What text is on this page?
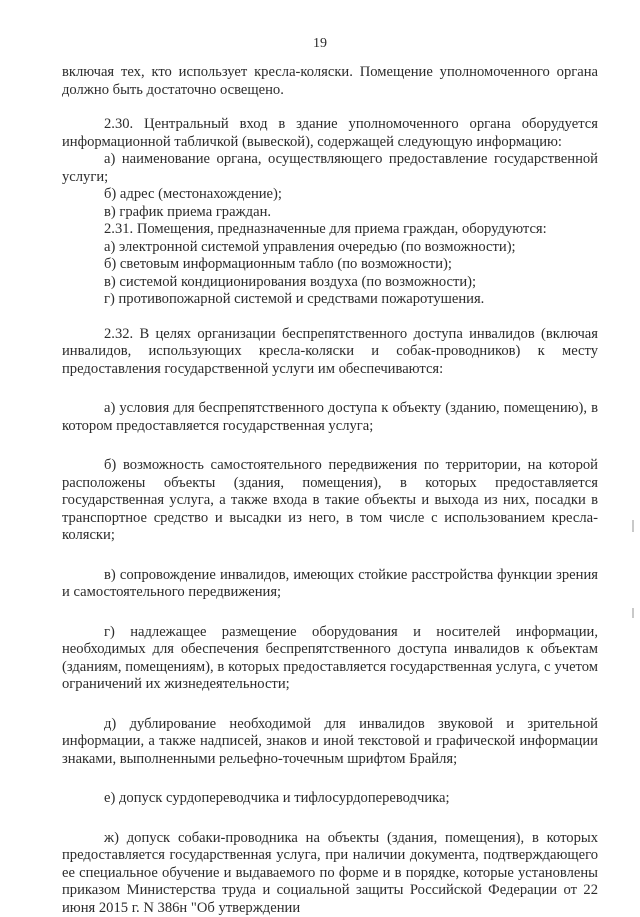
19

включая тех, кто использует кресла-коляски. Помещение уполномоченного органа должно быть достаточно освещено.

2.30. Центральный вход в здание уполномоченного органа оборудуется информационной табличкой (вывеской), содержащей следующую информацию:

а) наименование органа, осуществляющего предоставление государственной услуги;

б) адрес (местонахождение);

в) график приема граждан.

2.31. Помещения, предназначенные для приема граждан, оборудуются:

а) электронной системой управления очередью (по возможности);

б) световым информационным табло (по возможности);

в) системой кондиционирования воздуха (по возможности);

г) противопожарной системой и средствами пожаротушения.

2.32. В целях организации беспрепятственного доступа инвалидов (включая инвалидов, использующих кресла-коляски и собак-проводников) к месту предоставления государственной услуги им обеспечиваются:

а) условия для беспрепятственного доступа к объекту (зданию, помещению), в котором предоставляется государственная услуга;

б) возможность самостоятельного передвижения по территории, на которой расположены объекты (здания, помещения), в которых предоставляется государственная услуга, а также входа в такие объекты и выхода из них, посадки в транспортное средство и высадки из него, в том числе с использованием кресла-коляски;

в) сопровождение инвалидов, имеющих стойкие расстройства функции зрения и самостоятельного передвижения;

г) надлежащее размещение оборудования и носителей информации, необходимых для обеспечения беспрепятственного доступа инвалидов к объектам (зданиям, помещениям), в которых предоставляется государственная услуга, с учетом ограничений их жизнедеятельности;

д) дублирование необходимой для инвалидов звуковой и зрительной информации, а также надписей, знаков и иной текстовой и графической информации знаками, выполненными рельефно-точечным шрифтом Брайля;

е) допуск сурдопереводчика и тифлосурдопереводчика;

ж) допуск собаки-проводника на объекты (здания, помещения), в которых предоставляется государственная услуга, при наличии документа, подтверждающего ее специальное обучение и выдаваемого по форме и в порядке, которые установлены приказом Министерства труда и социальной защиты Российской Федерации от 22 июня 2015 г. N 386н "Об утверждении
